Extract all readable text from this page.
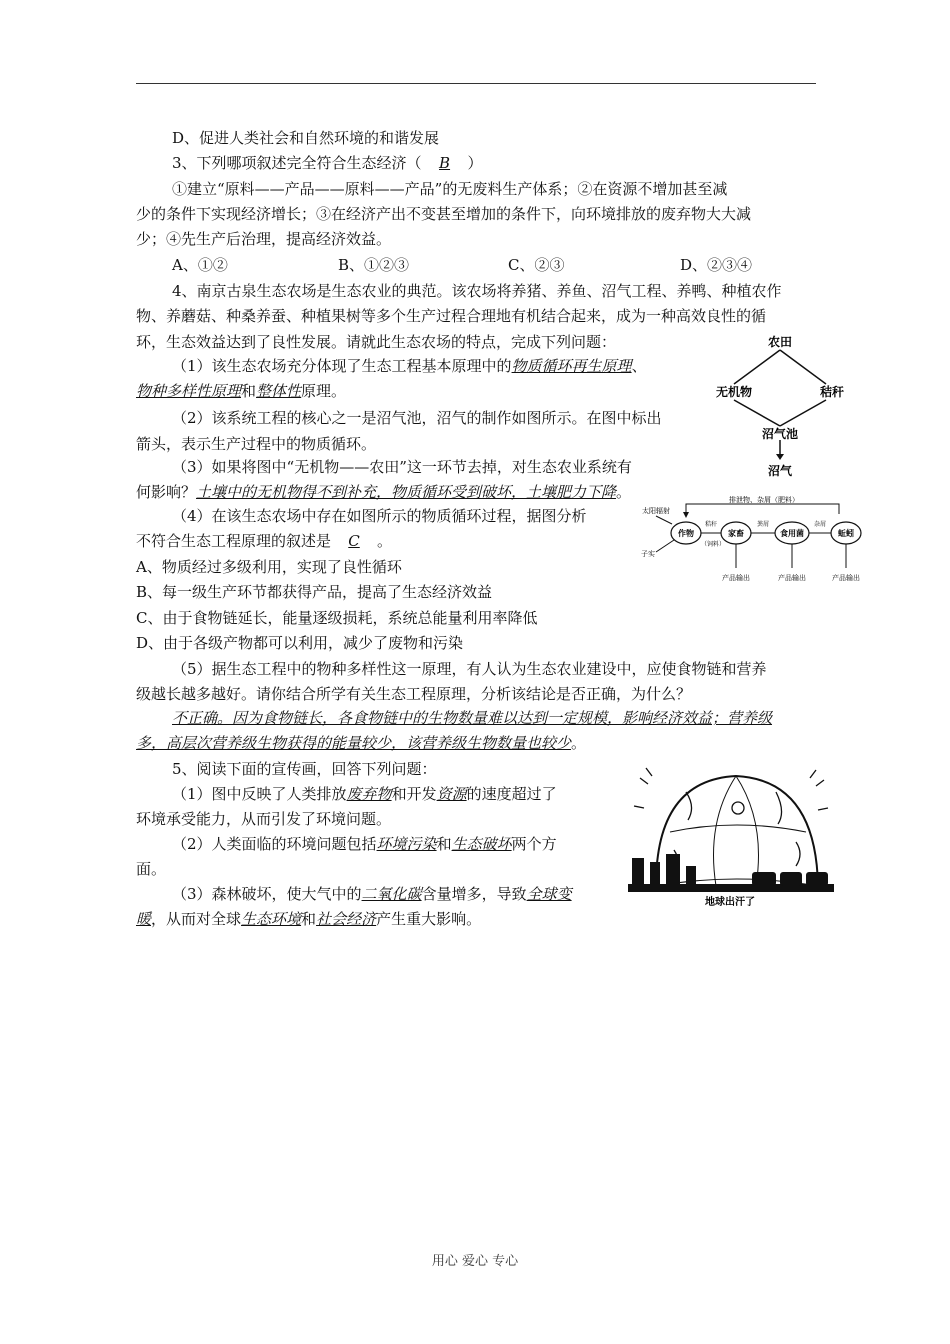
D、促进人类社会和自然环境的和谐发展
3、下列哪项叙述完全符合生态经济（ B ）
①建立“原料——产品——原料——产品”的无废料生产体系；②在资源不增加甚至减
少的条件下实现经济增长；③在经济产出不变甚至增加的条件下，向环境排放的废弃物大大减
少；④先生产后治理，提高经济效益。
A、①②	B、①②③	C、②③	D、②③④
4、南京古泉生态农场是生态农业的典范。该农场将养猪、养鱼、沼气工程、养鸭、种植农作
物、养蘑菇、种桑养蚕、种植果树等多个生产过程合理地有机结合起来，成为一种高效良性的循
环，生态效益达到了良性发展。请就此生态农场的特点，完成下列问题：
（1）该生态农场充分体现了生态工程基本原理中的物质循环再生原理、
物种多样性原理和整体性原理。
（2）该系统工程的核心之一是沼气池，沼气的制作如图所示。在图中标出
箭头，表示生产过程中的物质循环。
（3）如果将图中“无机物——农田”这一环节去掉，对生态农业系统有
何影响？土壤中的无机物得不到补充，物质循环受到破坏，土壤肥力下降。
（4）在该生态农场中存在如图所示的物质循环过程，据图分析
不符合生态工程原理的叙述是 C 。
A、物质经过多级利用，实现了良性循环
B、每一级生产环节都获得产品，提高了生态经济效益
C、由于食物链延长，能量逐级损耗，系统总能量利用率降低
D、由于各级产物都可以利用，减少了废物和污染
（5）据生态工程中的物种多样性这一原理，有人认为生态农业建设中，应使食物链和营养
级越长越多越好。请你结合所学有关生态工程原理，分析该结论是否正确，为什么？
不正确。因为食物链长，各食物链中的生物数量难以达到一定规模，影响经济效益；营养级
多，高层次营养级生物获得的能量较少，该营养级生物数量也较少。
5、阅读下面的宣传画，回答下列问题：
（1）图中反映了人类排放废弃物和开发资源的速度超过了
环境承受能力，从而引发了环境问题。
（2）人类面临的环境问题包括环境污染和生态破坏两个方
面。
（3）森林破坏，使大气中的二氧化碳含量增多，导致全球变
暖，从而对全球生态环境和社会经济产生重大影响。
农田
无机物	秸秆
沼气池
沼气
排泄物、杂屑（肥料）
太阳辐射
作物	家畜	食用菌	蚯蚓
秸秆
（饲料）
粪屑	杂屑
子实
产品输出	产品输出	产品输出
地球出汗了
用心 爱心 专心
